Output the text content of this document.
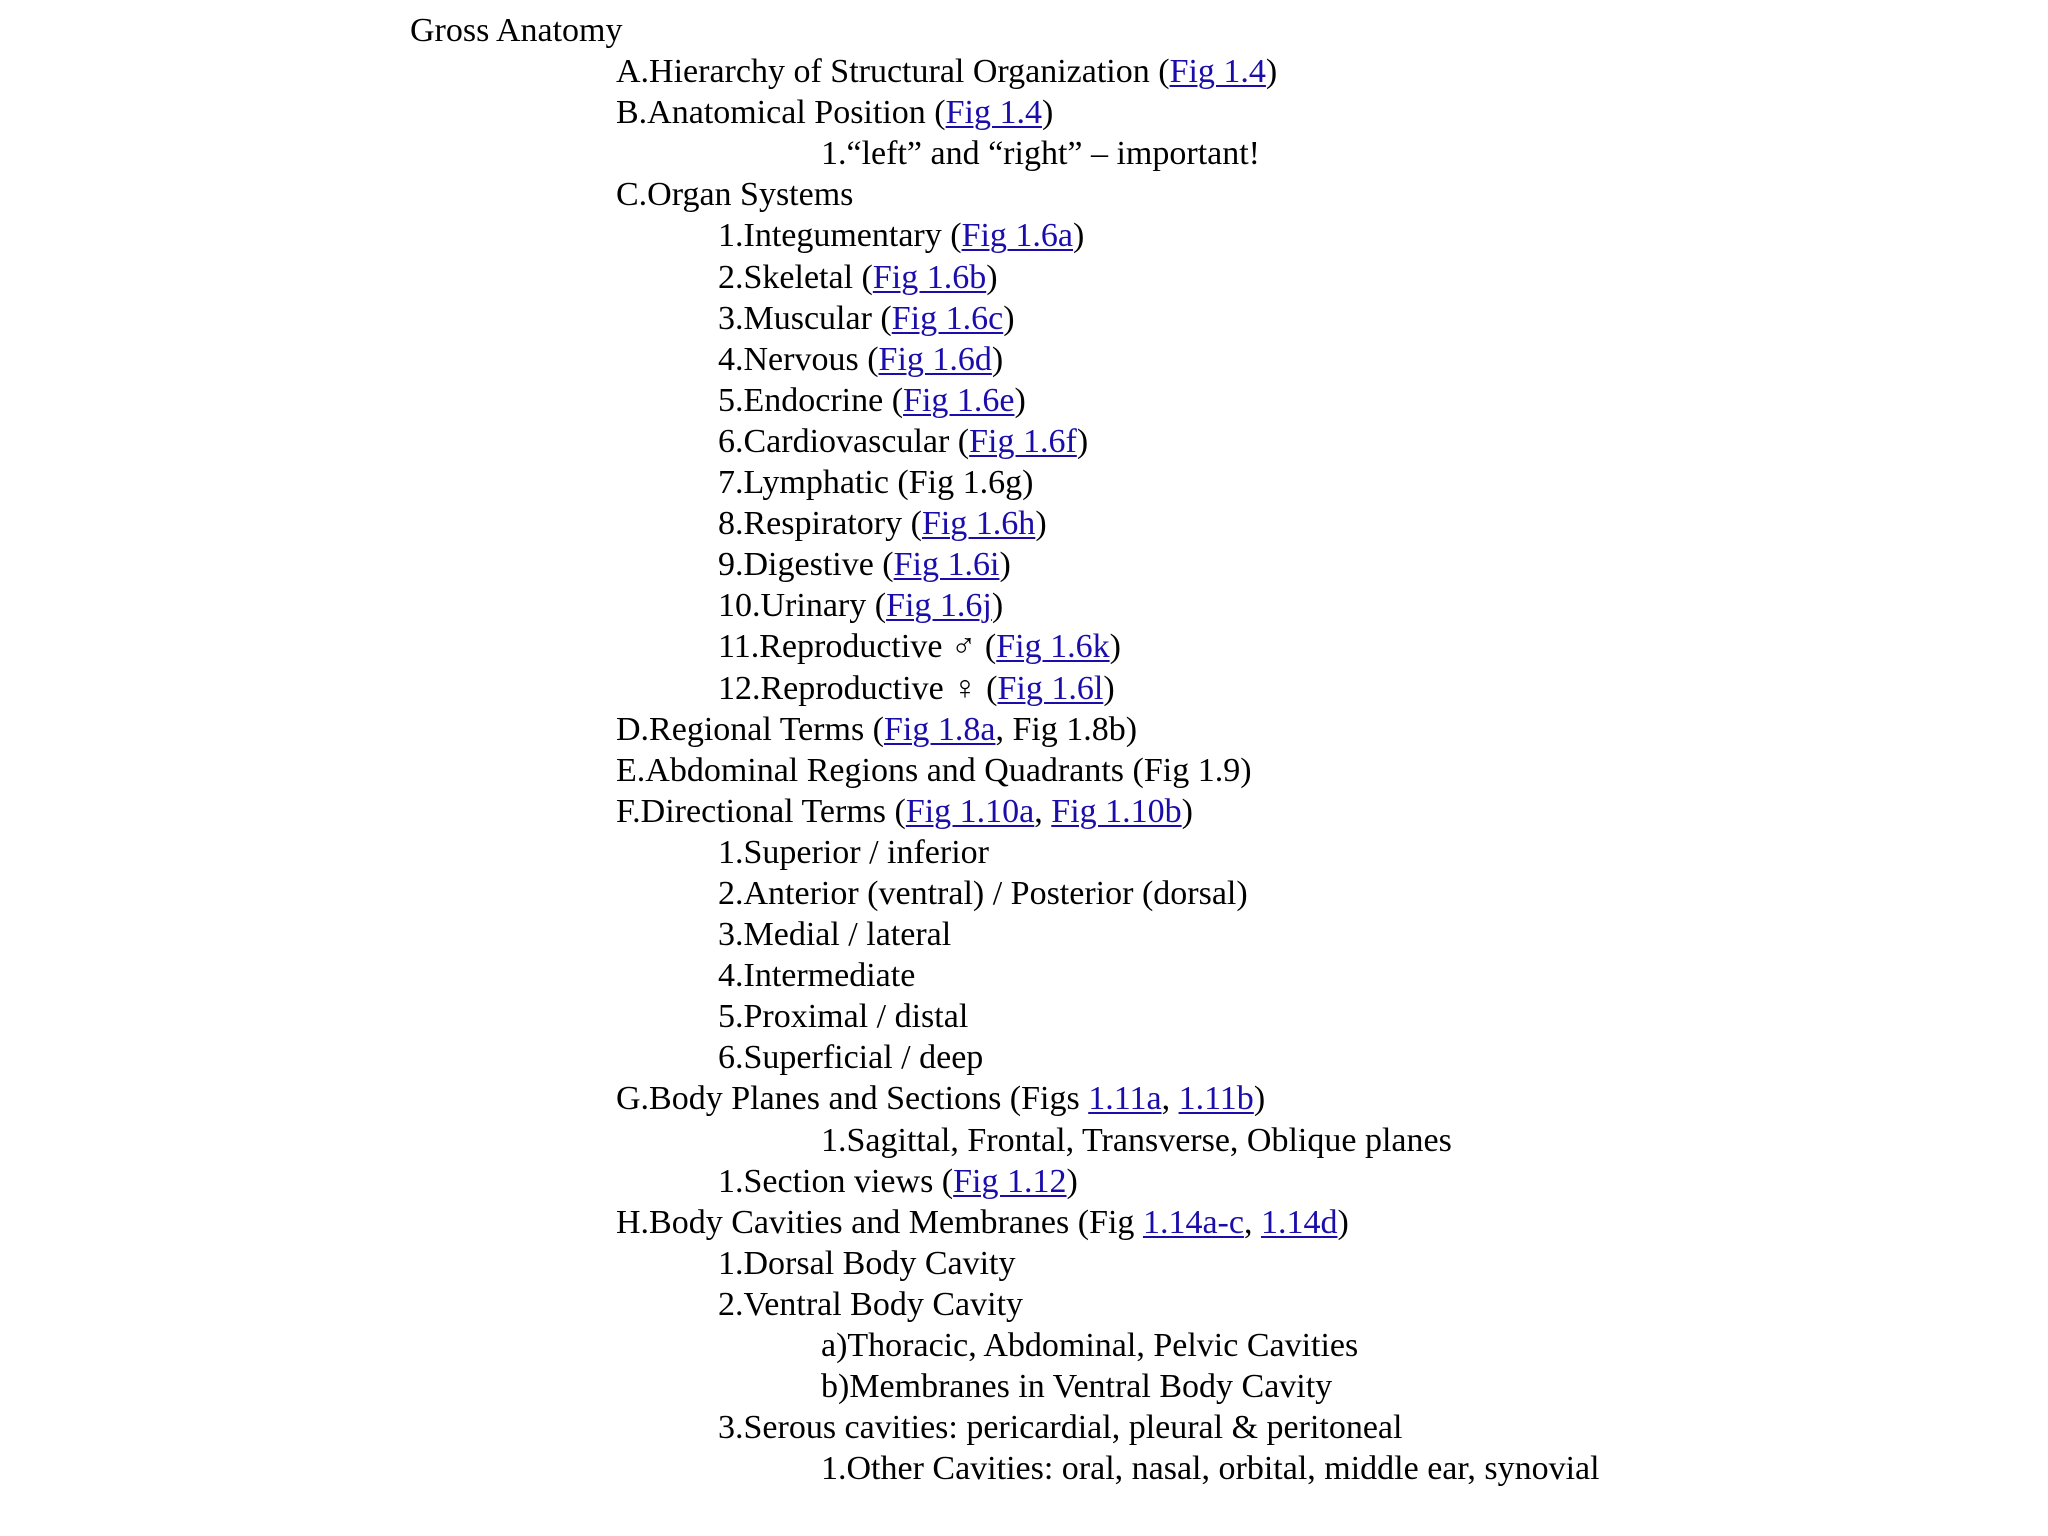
Gross Anatomy
A.Hierarchy of Structural Organization (Fig 1.4)
B.Anatomical Position (Fig 1.4)
1.“left” and “right” – important!
C.Organ Systems
1.Integumentary (Fig 1.6a)
2.Skeletal (Fig 1.6b)
3.Muscular (Fig 1.6c)
4.Nervous (Fig 1.6d)
5.Endocrine (Fig 1.6e)
6.Cardiovascular (Fig 1.6f)
7.Lymphatic (Fig 1.6g)
8.Respiratory (Fig 1.6h)
9.Digestive (Fig 1.6i)
10.Urinary (Fig 1.6j)
11.Reproductive ♂ (Fig 1.6k)
12.Reproductive ♀ (Fig 1.6l)
D.Regional Terms (Fig 1.8a, Fig 1.8b)
E.Abdominal Regions and Quadrants (Fig 1.9)
F.Directional Terms (Fig 1.10a, Fig 1.10b)
1.Superior / inferior
2.Anterior (ventral) / Posterior (dorsal)
3.Medial / lateral
4.Intermediate
5.Proximal / distal
6.Superficial / deep
G.Body Planes and Sections (Figs 1.11a, 1.11b)
1.Sagittal, Frontal, Transverse, Oblique planes
1.Section views (Fig 1.12)
H.Body Cavities and Membranes (Fig 1.14a-c, 1.14d)
1.Dorsal Body Cavity
2.Ventral Body Cavity
a)Thoracic, Abdominal, Pelvic Cavities
b)Membranes in Ventral Body Cavity
3.Serous cavities: pericardial, pleural & peritoneal
1.Other Cavities: oral, nasal, orbital, middle ear, synovial
